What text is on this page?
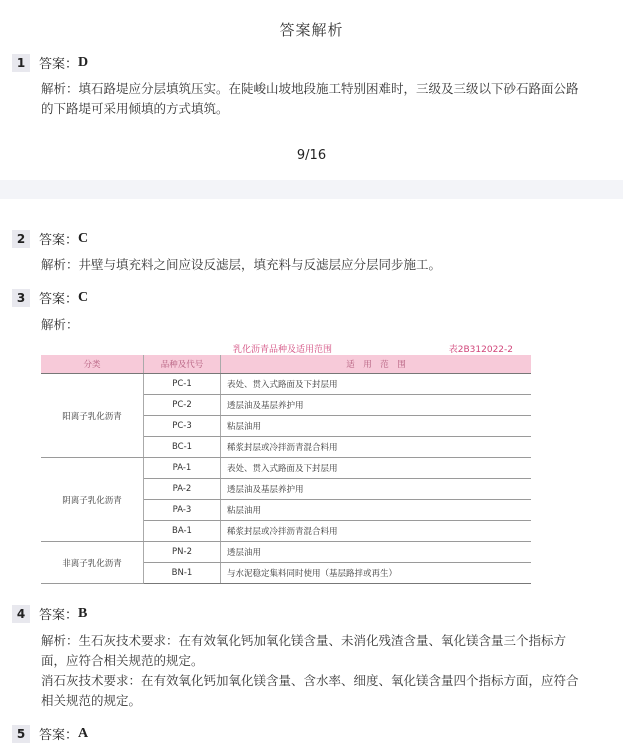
答案解析
1	答案： D
解析：填石路堤应分层填筑压实。在陡峻山坡地段施工特别困难时，三级及三级以下砂石路面公路的下路堤可采用倾填的方式填筑。
9/16
2	答案： C
解析：井壁与填充料之间应设反滤层，填充料与反滤层应分层同步施工。
3	答案： C
解析：
乳化沥青品种及适用范围	表2B312022-2
分类	品种及代号	适　用　范　围
阳离子乳化沥青	PC-1	表处、贯入式路面及下封层用
	PC-2	透层油及基层养护用
	PC-3	粘层油用
	BC-1	稀浆封层或冷拌沥青混合料用
阴离子乳化沥青	PA-1	表处、贯入式路面及下封层用
	PA-2	透层油及基层养护用
	PA-3	粘层油用
	BA-1	稀浆封层或冷拌沥青混合料用
非离子乳化沥青	PN-2	透层油用
	BN-1	与水泥稳定集料同时使用（基层路拌或再生）
4	答案： B
解析：生石灰技术要求：在有效氧化钙加氧化镁含量、未消化残渣含量、氧化镁含量三个指标方面，应符合相关规范的规定。
消石灰技术要求：在有效氧化钙加氧化镁含量、含水率、细度、氧化镁含量四个指标方面，应符合相关规范的规定。
5	答案： A
